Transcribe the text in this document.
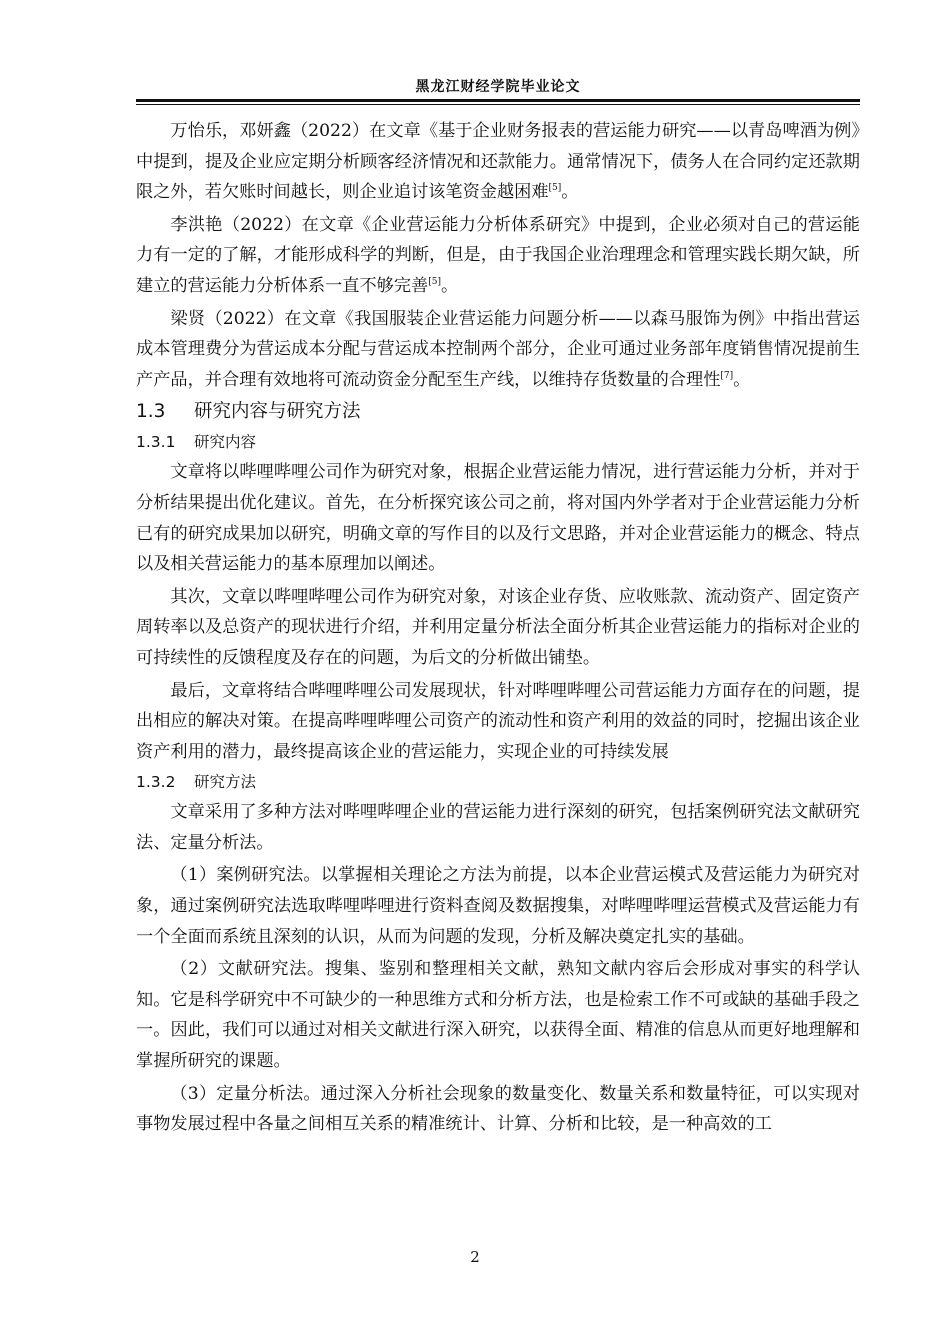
黑龙江财经学院毕业论文

万怡乐，邓妍鑫（2022）在文章《基于企业财务报表的营运能力研究——以青岛啤酒为例》中提到，提及企业应定期分析顾客经济情况和还款能力。通常情况下，债务人在合同约定还款期限之外，若欠账时间越长，则企业追讨该笔资金越困难[5]。

李洪艳（2022）在文章《企业营运能力分析体系研究》中提到，企业必须对自己的营运能力有一定的了解，才能形成科学的判断，但是，由于我国企业治理理念和管理实践长期欠缺，所建立的营运能力分析体系一直不够完善[5]。

梁贤（2022）在文章《我国服装企业营运能力问题分析——以森马服饰为例》中指出营运成本管理费分为营运成本分配与营运成本控制两个部分，企业可通过业务部年度销售情况提前生产产品，并合理有效地将可流动资金分配至生产线，以维持存货数量的合理性[7]。

1.3 研究内容与研究方法
1.3.1 研究内容

文章将以哔哩哔哩公司作为研究对象，根据企业营运能力情况，进行营运能力分析，并对于分析结果提出优化建议。首先，在分析探究该公司之前，将对国内外学者对于企业营运能力分析已有的研究成果加以研究，明确文章的写作目的以及行文思路，并对企业营运能力的概念、特点以及相关营运能力的基本原理加以阐述。

其次，文章以哔哩哔哩公司作为研究对象，对该企业存货、应收账款、流动资产、固定资产周转率以及总资产的现状进行介绍，并利用定量分析法全面分析其企业营运能力的指标对企业的可持续性的反馈程度及存在的问题，为后文的分析做出铺垫。

最后，文章将结合哔哩哔哩公司发展现状，针对哔哩哔哩公司营运能力方面存在的问题，提出相应的解决对策。在提高哔哩哔哩公司资产的流动性和资产利用的效益的同时，挖掘出该企业资产利用的潜力，最终提高该企业的营运能力，实现企业的可持续发展

1.3.2 研究方法

文章采用了多种方法对哔哩哔哩企业的营运能力进行深刻的研究，包括案例研究法文献研究法、定量分析法。

（1）案例研究法。以掌握相关理论之方法为前提，以本企业营运模式及营运能力为研究对象，通过案例研究法选取哔哩哔哩进行资料查阅及数据搜集，对哔哩哔哩运营模式及营运能力有一个全面而系统且深刻的认识，从而为问题的发现，分析及解决奠定扎实的基础。

（2）文献研究法。搜集、鉴别和整理相关文献，熟知文献内容后会形成对事实的科学认知。它是科学研究中不可缺少的一种思维方式和分析方法，也是检索工作不可或缺的基础手段之一。因此，我们可以通过对相关文献进行深入研究，以获得全面、精准的信息从而更好地理解和掌握所研究的课题。

（3）定量分析法。通过深入分析社会现象的数量变化、数量关系和数量特征，可以实现对事物发展过程中各量之间相互关系的精准统计、计算、分析和比较，是一种高效的工

2
